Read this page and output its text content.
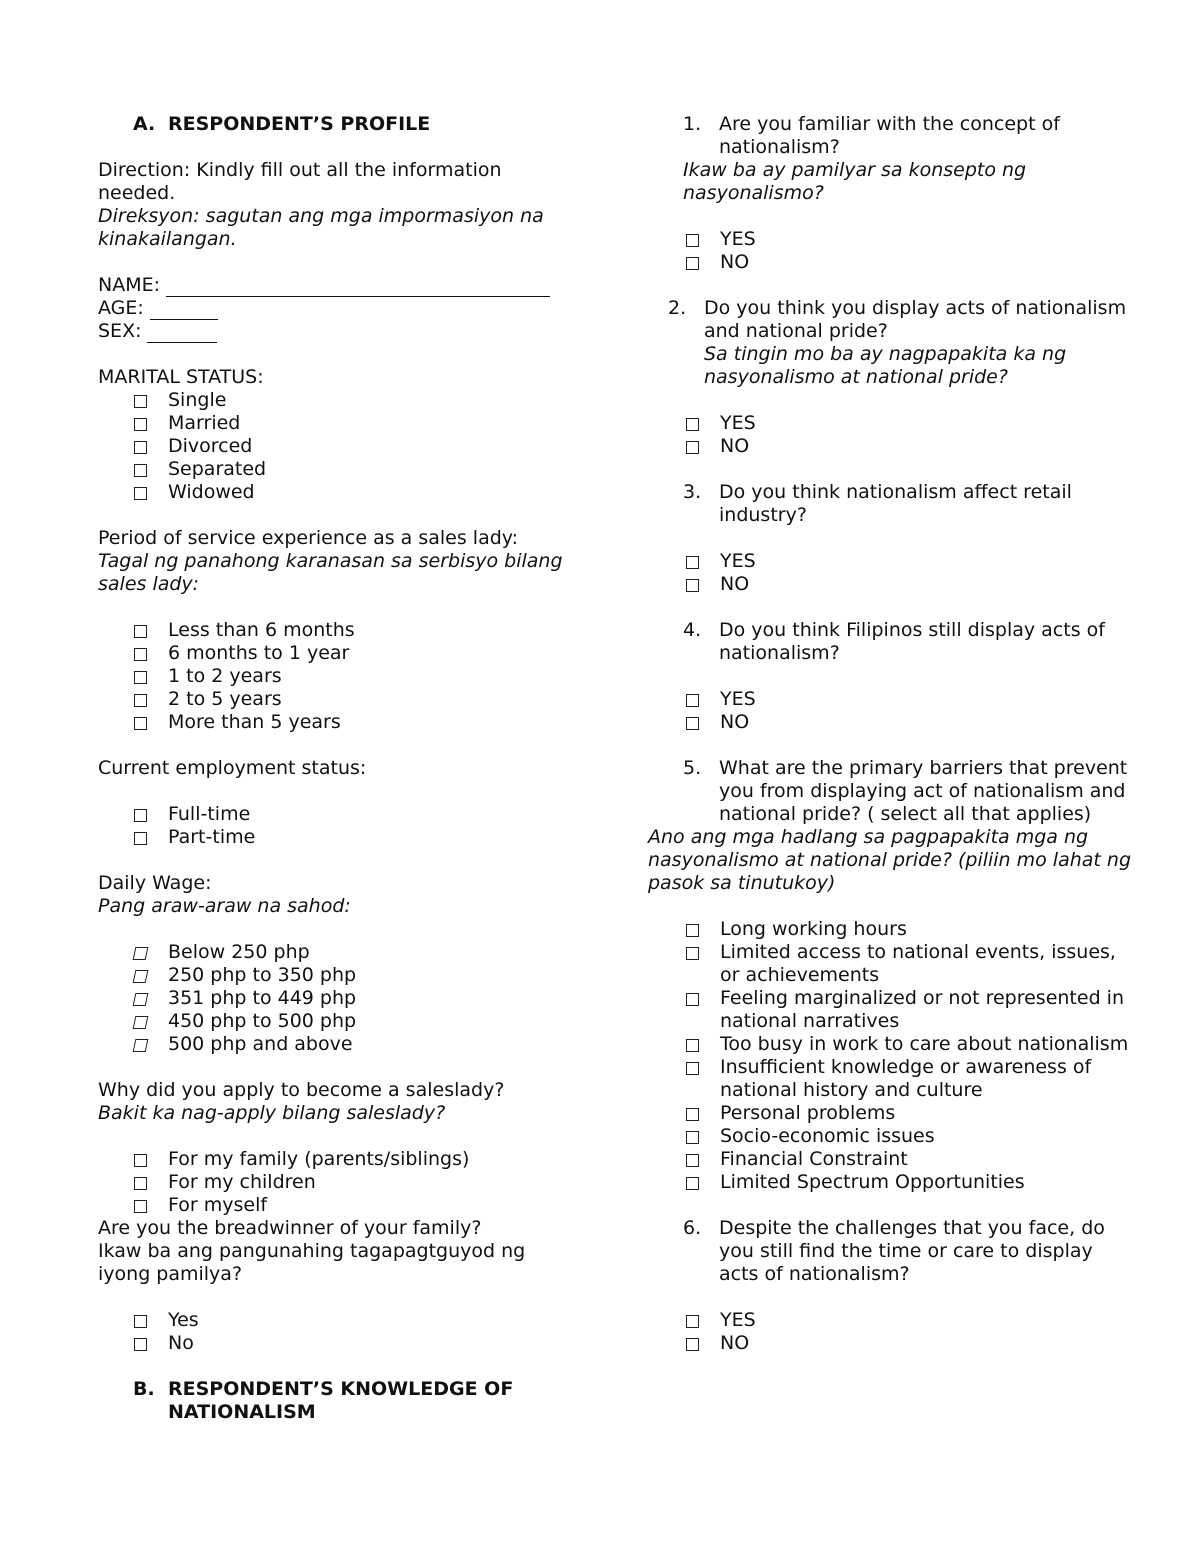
A. RESPONDENT’S PROFILE

Direction: Kindly fill out all the information needed.

Direksyon: sagutan ang mga impormasiyon na kinakailangan.

NAME:
AGE:
SEX:

MARITAL STATUS:

Single
Married
Divorced
Separated
Widowed

Period of service experience as a sales lady:

Tagal ng panahong karanasan sa serbisyo bilang sales lady:

Less than 6 months
6 months to 1 year
1 to 2 years
2 to 5 years
More than 5 years

Current employment status:

Full-time
Part-time

Daily Wage:

Pang araw-araw na sahod:

Below 250 php
250 php to 350 php
351 php to 449 php
450 php to 500 php
500 php and above

Why did you apply to become a saleslady?

Bakit ka nag-apply bilang saleslady?

For my family (parents/siblings)
For my children
For myself

Are you the breadwinner of your family?

Ikaw ba ang pangunahing tagapagtguyod ng iyong pamilya?

Yes
No
B. RESPONDENT’S KNOWLEDGE OF NATIONALISM
1. Are you familiar with the concept of nationalism?

Ikaw ba ay pamilyar sa konsepto ng nasyonalismo?

YES
NO
2. Do you think you display acts of nationalism and national pride?

Sa tingin mo ba ay nagpapakita ka ng nasyonalismo at national pride?

YES
NO
3. Do you think nationalism affect retail industry?
YES
NO
4. Do you think Filipinos still display acts of nationalism?
YES
NO
5. What are the primary barriers that prevent you from displaying act of nationalism and national pride? ( select all that applies)

Ano ang mga hadlang sa pagpapakita mga ng nasyonalismo at national pride? (piliin mo lahat ng pasok sa tinutukoy)

Long working hours
Limited access to national events, issues, or achievements
Feeling marginalized or not represented in national narratives
Too busy in work to care about nationalism
Insufficient knowledge or awareness of national history and culture
Personal problems
Socio-economic issues
Financial Constraint
Limited Spectrum Opportunities
6. Despite the challenges that you face, do you still find the time or care to display acts of nationalism?
YES
NO
